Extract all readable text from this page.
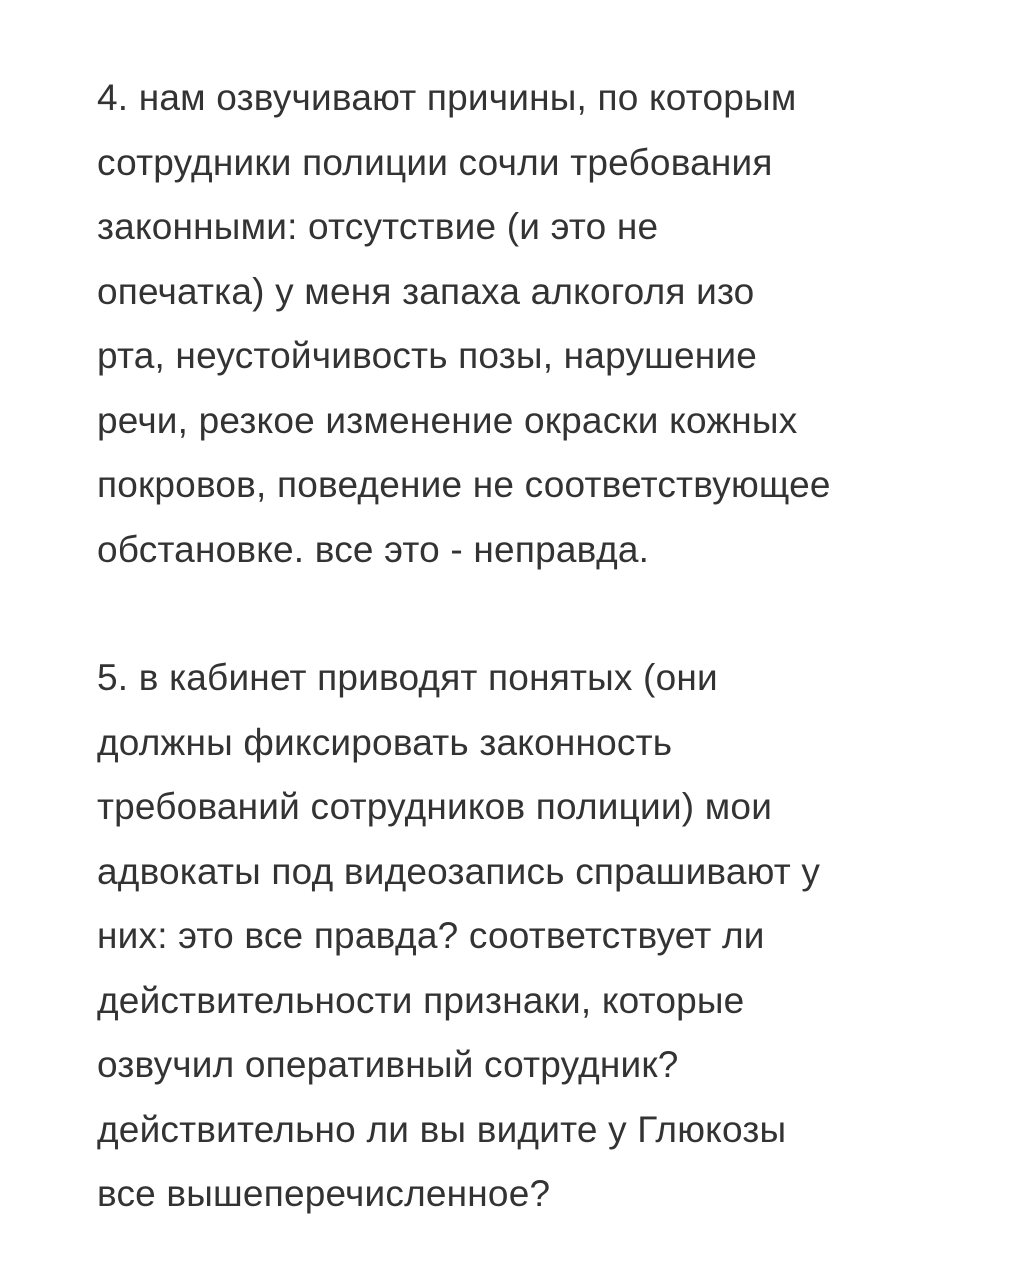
4. нам озвучивают причины, по которым
сотрудники полиции сочли требования
законными: отсутствие (и это не
опечатка) у меня запаха алкоголя изо
рта, неустойчивость позы, нарушение
речи, резкое изменение окраски кожных
покровов, поведение не соответствующее
обстановке. все это - неправда.
5. в кабинет приводят понятых (они
должны фиксировать законность
требований сотрудников полиции) мои
адвокаты под видеозапись спрашивают у
них: это все правда? соответствует ли
действительности признаки, которые
озвучил оперативный сотрудник?
действительно ли вы видите у Глюкозы
все вышеперечисленное?
